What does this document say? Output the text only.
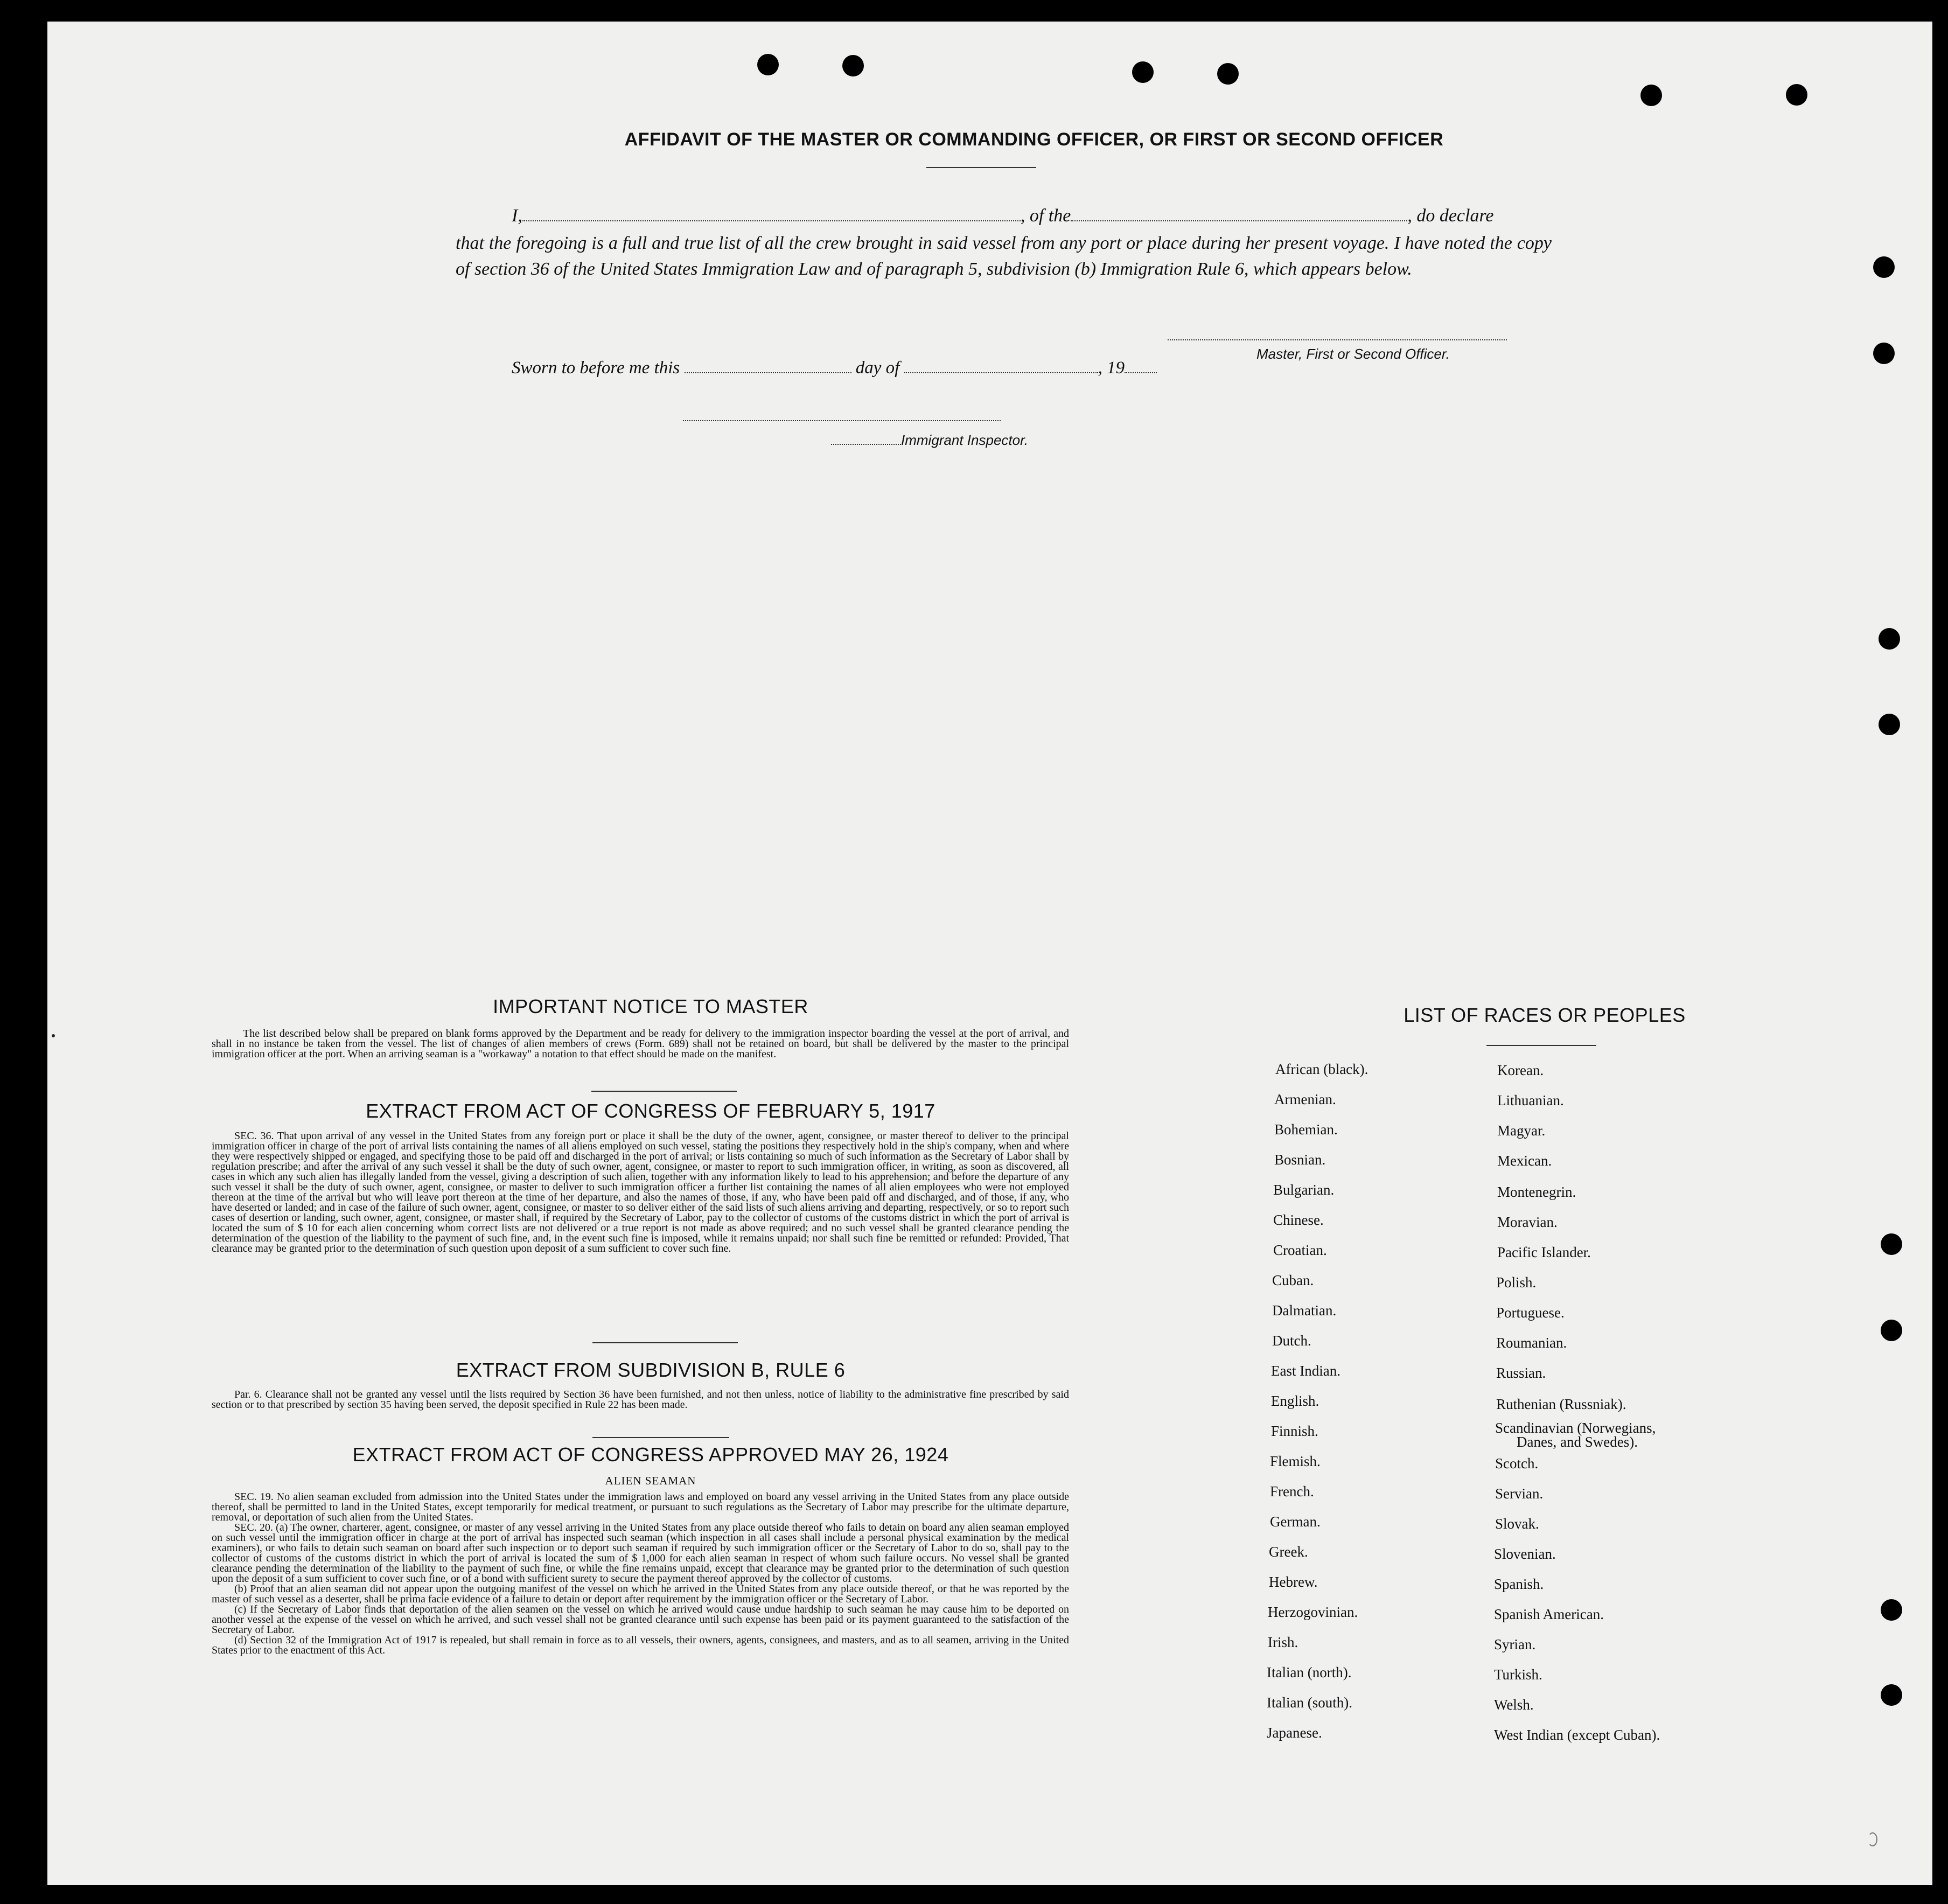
AFFIDAVIT OF THE MASTER OR COMMANDING OFFICER, OR FIRST OR SECOND OFFICER
I,	, of the	, do declare
that the foregoing is a full and true list of all the crew brought in said vessel from any port or place during her present voyage. I have noted the copy of section 36 of the United States Immigration Law and of paragraph 5, subdivision (b) Immigration Rule 6, which appears below.
Master, First or Second Officer.
Sworn to before me this	day of	, 19
Immigrant Inspector.
IMPORTANT NOTICE TO MASTER
The list described below shall be prepared on blank forms approved by the Department and be ready for delivery to the immigration inspector boarding the vessel at the port of arrival, and shall in no instance be taken from the vessel. The list of changes of alien members of crews (Form. 689) shall not be retained on board, but shall be delivered by the master to the principal immigration officer at the port. When an arriving seaman is a "workaway" a notation to that effect should be made on the manifest.
EXTRACT FROM ACT OF CONGRESS OF FEBRUARY 5, 1917
SEC. 36. That upon arrival of any vessel in the United States from any foreign port or place it shall be the duty of the owner, agent, consignee, or master thereof to deliver to the principal immigration officer in charge of the port of arrival lists containing the names of all aliens employed on such vessel, stating the positions they respectively hold in the ship's company, when and where they were respectively shipped or engaged, and specifying those to be paid off and discharged in the port of arrival; or lists containing so much of such information as the Secretary of Labor shall by regulation prescribe; and after the arrival of any such vessel it shall be the duty of such owner, agent, consignee, or master to report to such immigration officer, in writing, as soon as discovered, all cases in which any such alien has illegally landed from the vessel, giving a description of such alien, together with any information likely to lead to his apprehension; and before the departure of any such vessel it shall be the duty of such owner, agent, consignee, or master to deliver to such immigration officer a further list containing the names of all alien employees who were not employed thereon at the time of the arrival but who will leave port thereon at the time of her departure, and also the names of those, if any, who have been paid off and discharged, and of those, if any, who have deserted or landed; and in case of the failure of such owner, agent, consignee, or master to so deliver either of the said lists of such aliens arriving and departing, respectively, or so to report such cases of desertion or landing, such owner, agent, consignee, or master shall, if required by the Secretary of Labor, pay to the collector of customs of the customs district in which the port of arrival is located the sum of $ 10 for each alien concerning whom correct lists are not delivered or a true report is not made as above required; and no such vessel shall be granted clearance pending the determination of the question of the liability to the payment of such fine, and, in the event such fine is imposed, while it remains unpaid; nor shall such fine be remitted or refunded: Provided, That clearance may be granted prior to the determination of such question upon deposit of a sum sufficient to cover such fine.
EXTRACT FROM SUBDIVISION B, RULE 6
Par. 6. Clearance shall not be granted any vessel until the lists required by Section 36 have been furnished, and not then unless, notice of liability to the administrative fine prescribed by said section or to that prescribed by section 35 having been served, the deposit specified in Rule 22 has been made.
EXTRACT FROM ACT OF CONGRESS APPROVED MAY 26, 1924
ALIEN SEAMAN
SEC. 19. No alien seaman excluded from admission into the United States under the immigration laws and employed on board any vessel arriving in the United States from any place outside thereof, shall be permitted to land in the United States, except temporarily for medical treatment, or pursuant to such regulations as the Secretary of Labor may prescribe for the ultimate departure, removal, or deportation of such alien from the United States.
SEC. 20. (a) The owner, charterer, agent, consignee, or master of any vessel arriving in the United States from any place outside thereof who fails to detain on board any alien seaman employed on such vessel until the immigration officer in charge at the port of arrival has inspected such seaman (which inspection in all cases shall include a personal physical examination by the medical examiners), or who fails to detain such seaman on board after such inspection or to deport such seaman if required by such immigration officer or the Secretary of Labor to do so, shall pay to the collector of customs of the customs district in which the port of arrival is located the sum of $ 1,000 for each alien seaman in respect of whom such failure occurs. No vessel shall be granted clearance pending the determination of the liability to the payment of such fine, or while the fine remains unpaid, except that clearance may be granted prior to the determination of such question upon the deposit of a sum sufficient to cover such fine, or of a bond with sufficient surety to secure the payment thereof approved by the collector of customs.
(b) Proof that an alien seaman did not appear upon the outgoing manifest of the vessel on which he arrived in the United States from any place outside thereof, or that he was reported by the master of such vessel as a deserter, shall be prima facie evidence of a failure to detain or deport after requirement by the immigration officer or the Secretary of Labor.
(c) If the Secretary of Labor finds that deportation of the alien seamen on the vessel on which he arrived would cause undue hardship to such seaman he may cause him to be deported on another vessel at the expense of the vessel on which he arrived, and such vessel shall not be granted clearance until such expense has been paid or its payment guaranteed to the satisfaction of the Secretary of Labor.
(d) Section 32 of the Immigration Act of 1917 is repealed, but shall remain in force as to all vessels, their owners, agents, consignees, and masters, and as to all seamen, arriving in the United States prior to the enactment of this Act.
LIST OF RACES OR PEOPLES
African (black).
Armenian.
Bohemian.
Bosnian.
Bulgarian.
Chinese.
Croatian.
Cuban.
Dalmatian.
Dutch.
East Indian.
English.
Finnish.
Flemish.
French.
German.
Greek.
Hebrew.
Herzogovinian.
Irish.
Italian (north).
Italian (south).
Japanese.
Korean.
Lithuanian.
Magyar.
Mexican.
Montenegrin.
Moravian.
Pacific Islander.
Polish.
Portuguese.
Roumanian.
Russian.
Ruthenian (Russniak).
Scandinavian (Norwegians,
Danes, and Swedes).
Scotch.
Servian.
Slovak.
Slovenian.
Spanish.
Spanish American.
Syrian.
Turkish.
Welsh.
West Indian (except Cuban).
